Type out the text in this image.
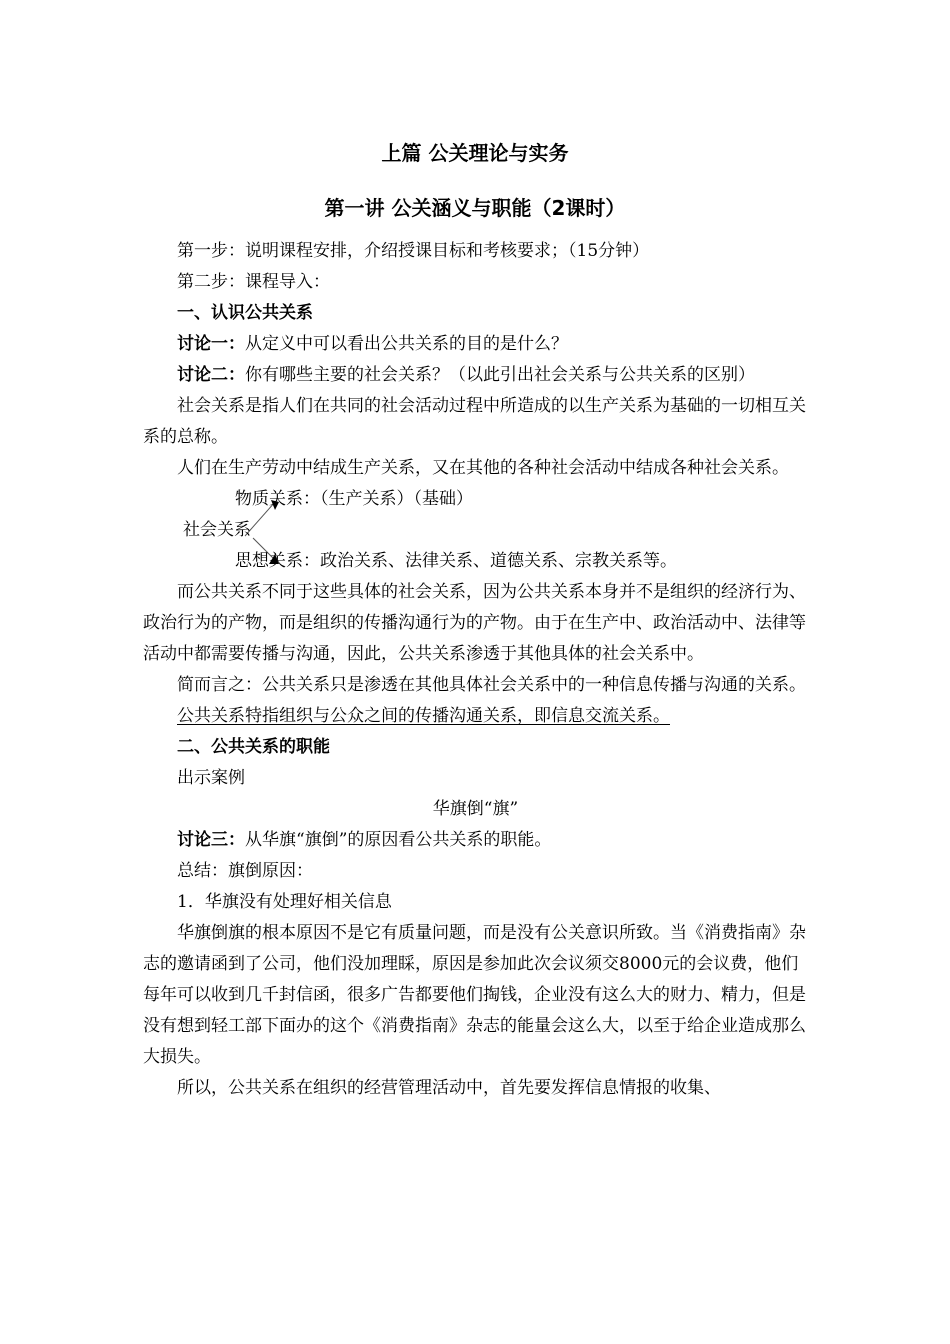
上篇 公关理论与实务
第一讲 公关涵义与职能（2课时）

第一步：说明课程安排，介绍授课目标和考核要求；（15分钟）

第二步：课程导入：

一、认识公共关系

讨论一：从定义中可以看出公共关系的目的是什么？

讨论二：你有哪些主要的社会关系？（以此引出社会关系与公共关系的区别）

社会关系是指人们在共同的社会活动过程中所造成的以生产关系为基础的一切相互关系的总称。

人们在生产劳动中结成生产关系，又在其他的各种社会活动中结成各种社会关系。

物质关系：（生产关系）（基础）
社会关系
思想关系：政治关系、法律关系、道德关系、宗教关系等。

而公共关系不同于这些具体的社会关系，因为公共关系本身并不是组织的经济行为、政治行为的产物，而是组织的传播沟通行为的产物。由于在生产中、政治活动中、法律等活动中都需要传播与沟通，因此，公共关系渗透于其他具体的社会关系中。

简而言之：公共关系只是渗透在其他具体社会关系中的一种信息传播与沟通的关系。

公共关系特指组织与公众之间的传播沟通关系，即信息交流关系。

二、公共关系的职能

出示案例

华旗倒“旗”

讨论三：从华旗“旗倒”的原因看公共关系的职能。

总结：旗倒原因：

1．华旗没有处理好相关信息

华旗倒旗的根本原因不是它有质量问题，而是没有公关意识所致。当《消费指南》杂志的邀请函到了公司，他们没加理睬，原因是参加此次会议须交8000元的会议费，他们每年可以收到几千封信函，很多广告都要他们掏钱，企业没有这么大的财力、精力，但是没有想到轻工部下面办的这个《消费指南》杂志的能量会这么大，以至于给企业造成那么大损失。

所以，公共关系在组织的经营管理活动中，首先要发挥信息情报的收集、
